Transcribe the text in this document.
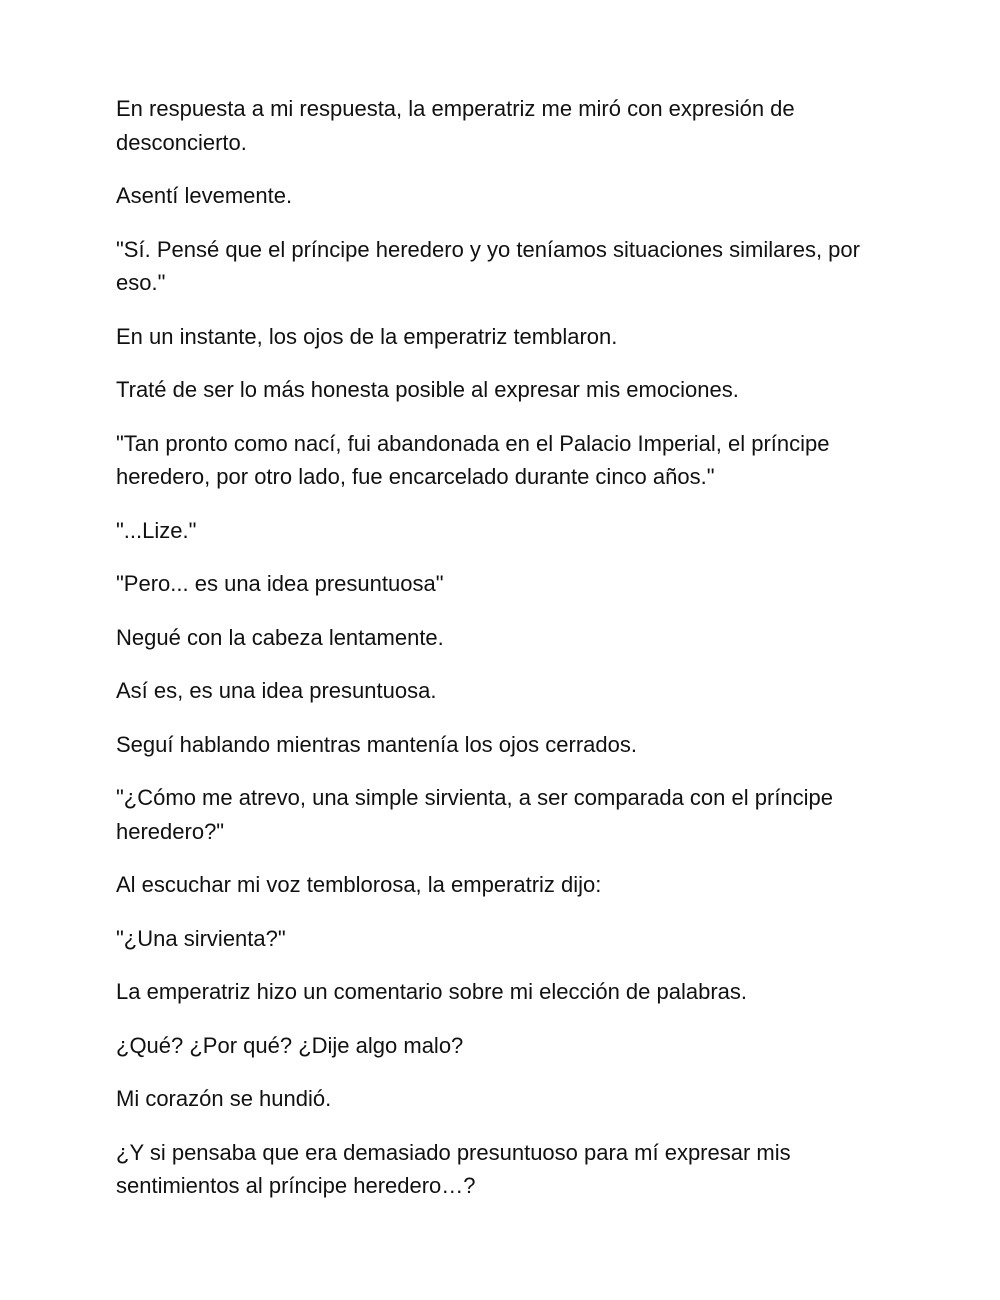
En respuesta a mi respuesta, la emperatriz me miró con expresión de desconcierto.

Asentí levemente.

"Sí. Pensé que el príncipe heredero y yo teníamos situaciones similares, por eso."

En un instante, los ojos de la emperatriz temblaron.

Traté de ser lo más honesta posible al expresar mis emociones.

"Tan pronto como nací, fui abandonada en el Palacio Imperial, el príncipe heredero, por otro lado, fue encarcelado durante cinco años."

"...Lize."

"Pero... es una idea presuntuosa"

Negué con la cabeza lentamente.

Así es, es una idea presuntuosa.

Seguí hablando mientras mantenía los ojos cerrados.

"¿Cómo me atrevo, una simple sirvienta, a ser comparada con el príncipe heredero?"

Al escuchar mi voz temblorosa, la emperatriz dijo:

"¿Una sirvienta?"

La emperatriz hizo un comentario sobre mi elección de palabras.

¿Qué? ¿Por qué? ¿Dije algo malo?

Mi corazón se hundió.

¿Y si pensaba que era demasiado presuntuoso para mí expresar mis sentimientos al príncipe heredero…?
